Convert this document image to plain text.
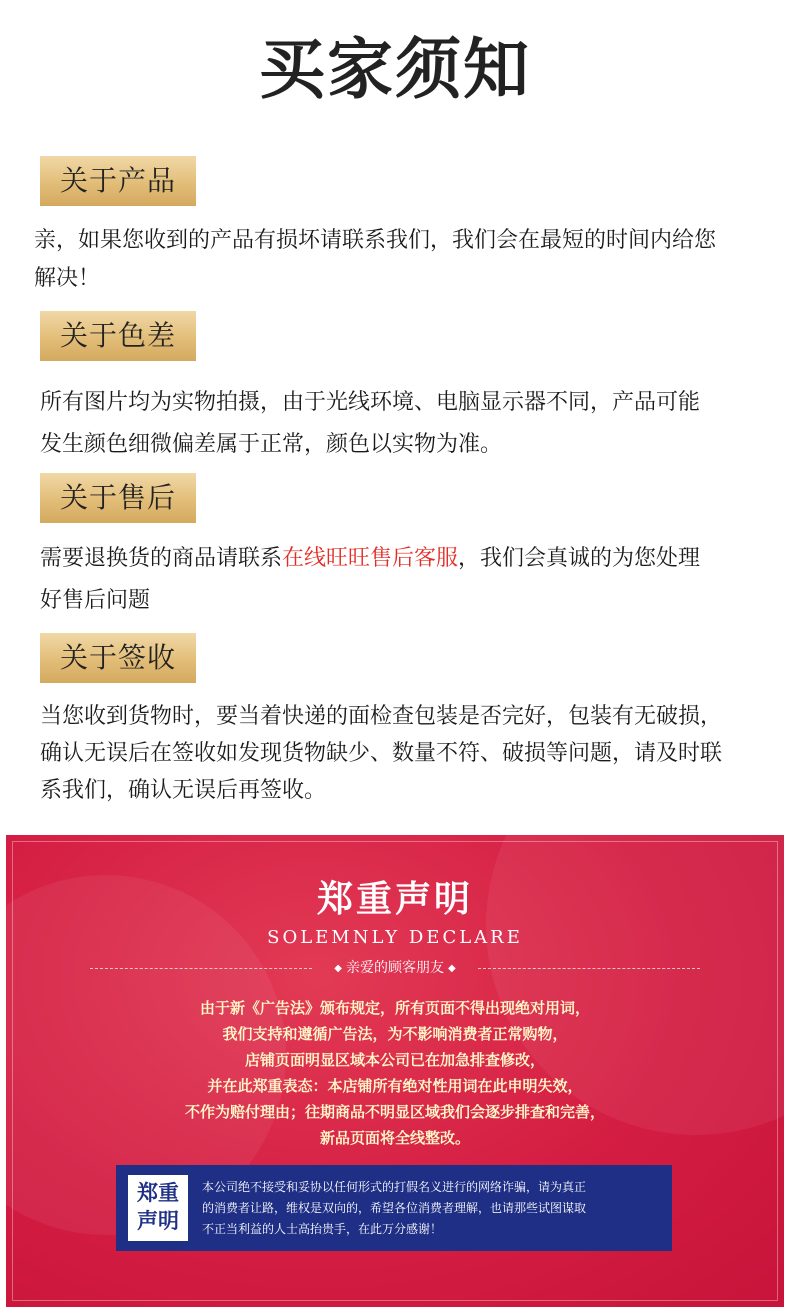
买家须知
关于产品
亲，如果您收到的产品有损坏请联系我们，我们会在最短的时间内给您
解决！
关于色差
所有图片均为实物拍摄，由于光线环境、电脑显示器不同，产品可能
发生颜色细微偏差属于正常，颜色以实物为准。
关于售后
需要退换货的商品请联系在线旺旺售后客服，我们会真诚的为您处理
好售后问题
关于签收
当您收到货物时，要当着快递的面检查包装是否完好，包装有无破损，
确认无误后在签收如发现货物缺少、数量不符、破损等问题，请及时联
系我们，确认无误后再签收。
郑重声明
SOLEMNLY DECLARE
◆ 亲爱的顾客朋友 ◆
由于新《广告法》颁布规定，所有页面不得出现绝对用词，
我们支持和遵循广告法，为不影响消费者正常购物，
店铺页面明显区域本公司已在加急排查修改，
并在此郑重表态：本店铺所有绝对性用词在此申明失效，
不作为赔付理由；往期商品不明显区域我们会逐步排查和完善，
新品页面将全线整改。
郑重
声明
本公司绝不接受和妥协以任何形式的打假名义进行的网络诈骗，请为真正
的消费者让路，维权是双向的，希望各位消费者理解，也请那些试图谋取
不正当利益的人士高抬贵手，在此万分感谢！
